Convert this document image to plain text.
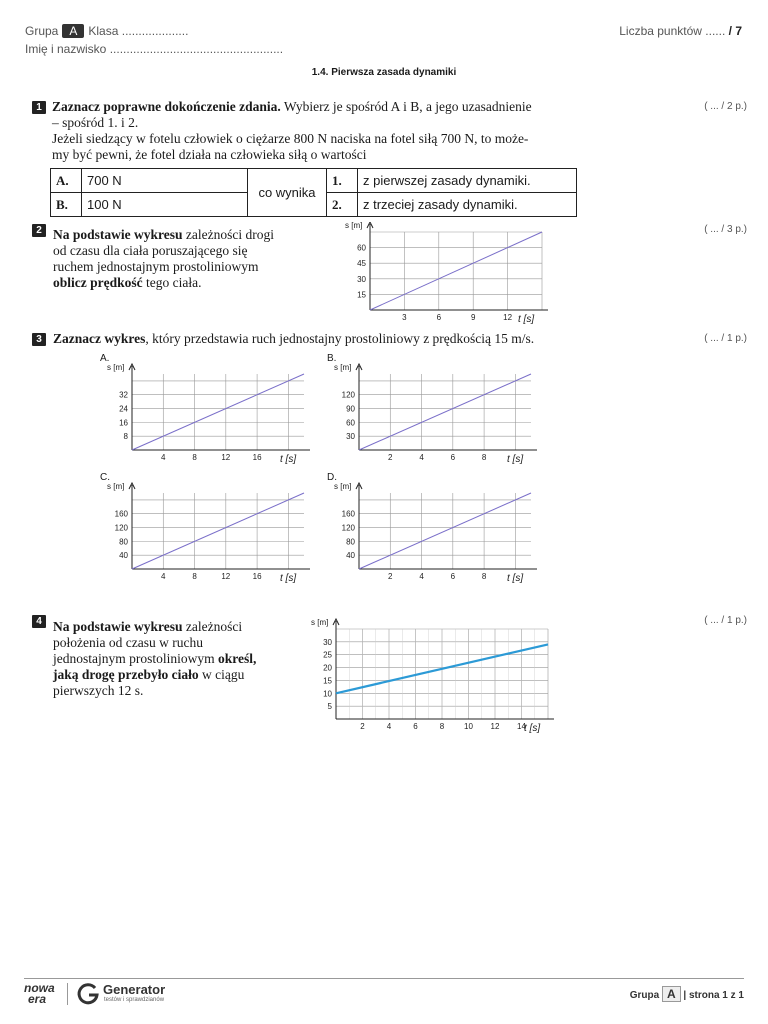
Grupa A Klasa ....................
Imię i nazwisko ....................................................
Liczba punktów ...... / 7
1.4. Pierwsza zasada dynamiki
1 Zaznacz poprawne dokończenie zdania. Wybierz je spośród A i B, a jego uzasadnienie
– spośród 1. i 2.
Jeżeli siedzący w fotelu człowiek o ciężarze 800 N naciska na fotel siłą 700 N, to może-
my być pewni, że fotel działa na człowieka siłą o wartości
( ... / 2 p.)
A.	700 N	co wynika	1.	z pierwszej zasady dynamiki.
B.	100 N		2.	z trzeciej zasady dynamiki.
2 Na podstawie wykresu zależności drogi
od czasu dla ciała poruszającego się
ruchem jednostajnym prostoliniowym
oblicz prędkość tego ciała.
( ... / 3 p.)
3	6	9	12
15
30
45
60
s [m]
t [s]
3 Zaznacz wykres, który przedstawia ruch jednostajny prostoliniowy z prędkością 15 m/s.	( ... / 1 p.)
A.
4	8	12	16
8
16
24
32
s [m]
t [s]
B.
2	4	6	8
30
60
90
120
s [m]
t [s]
C.
4	8	12	16
40
80
120
160
s [m]
t [s]
D.
2	4	6	8
40
80
120
160
s [m]
t [s]
4 Na podstawie wykresu zależności
położenia od czasu w ruchu
jednostajnym prostoliniowym określ,
jaką drogę przebyło ciało w ciągu
pierwszych 12 s.
( ... / 1 p.)
2	4	6	8 10 12 14
5
10
15
20
25
30
s [m]
t [s]
nowa
era
Generator
testów i sprawdzianów	Grupa A | strona 1 z 1
